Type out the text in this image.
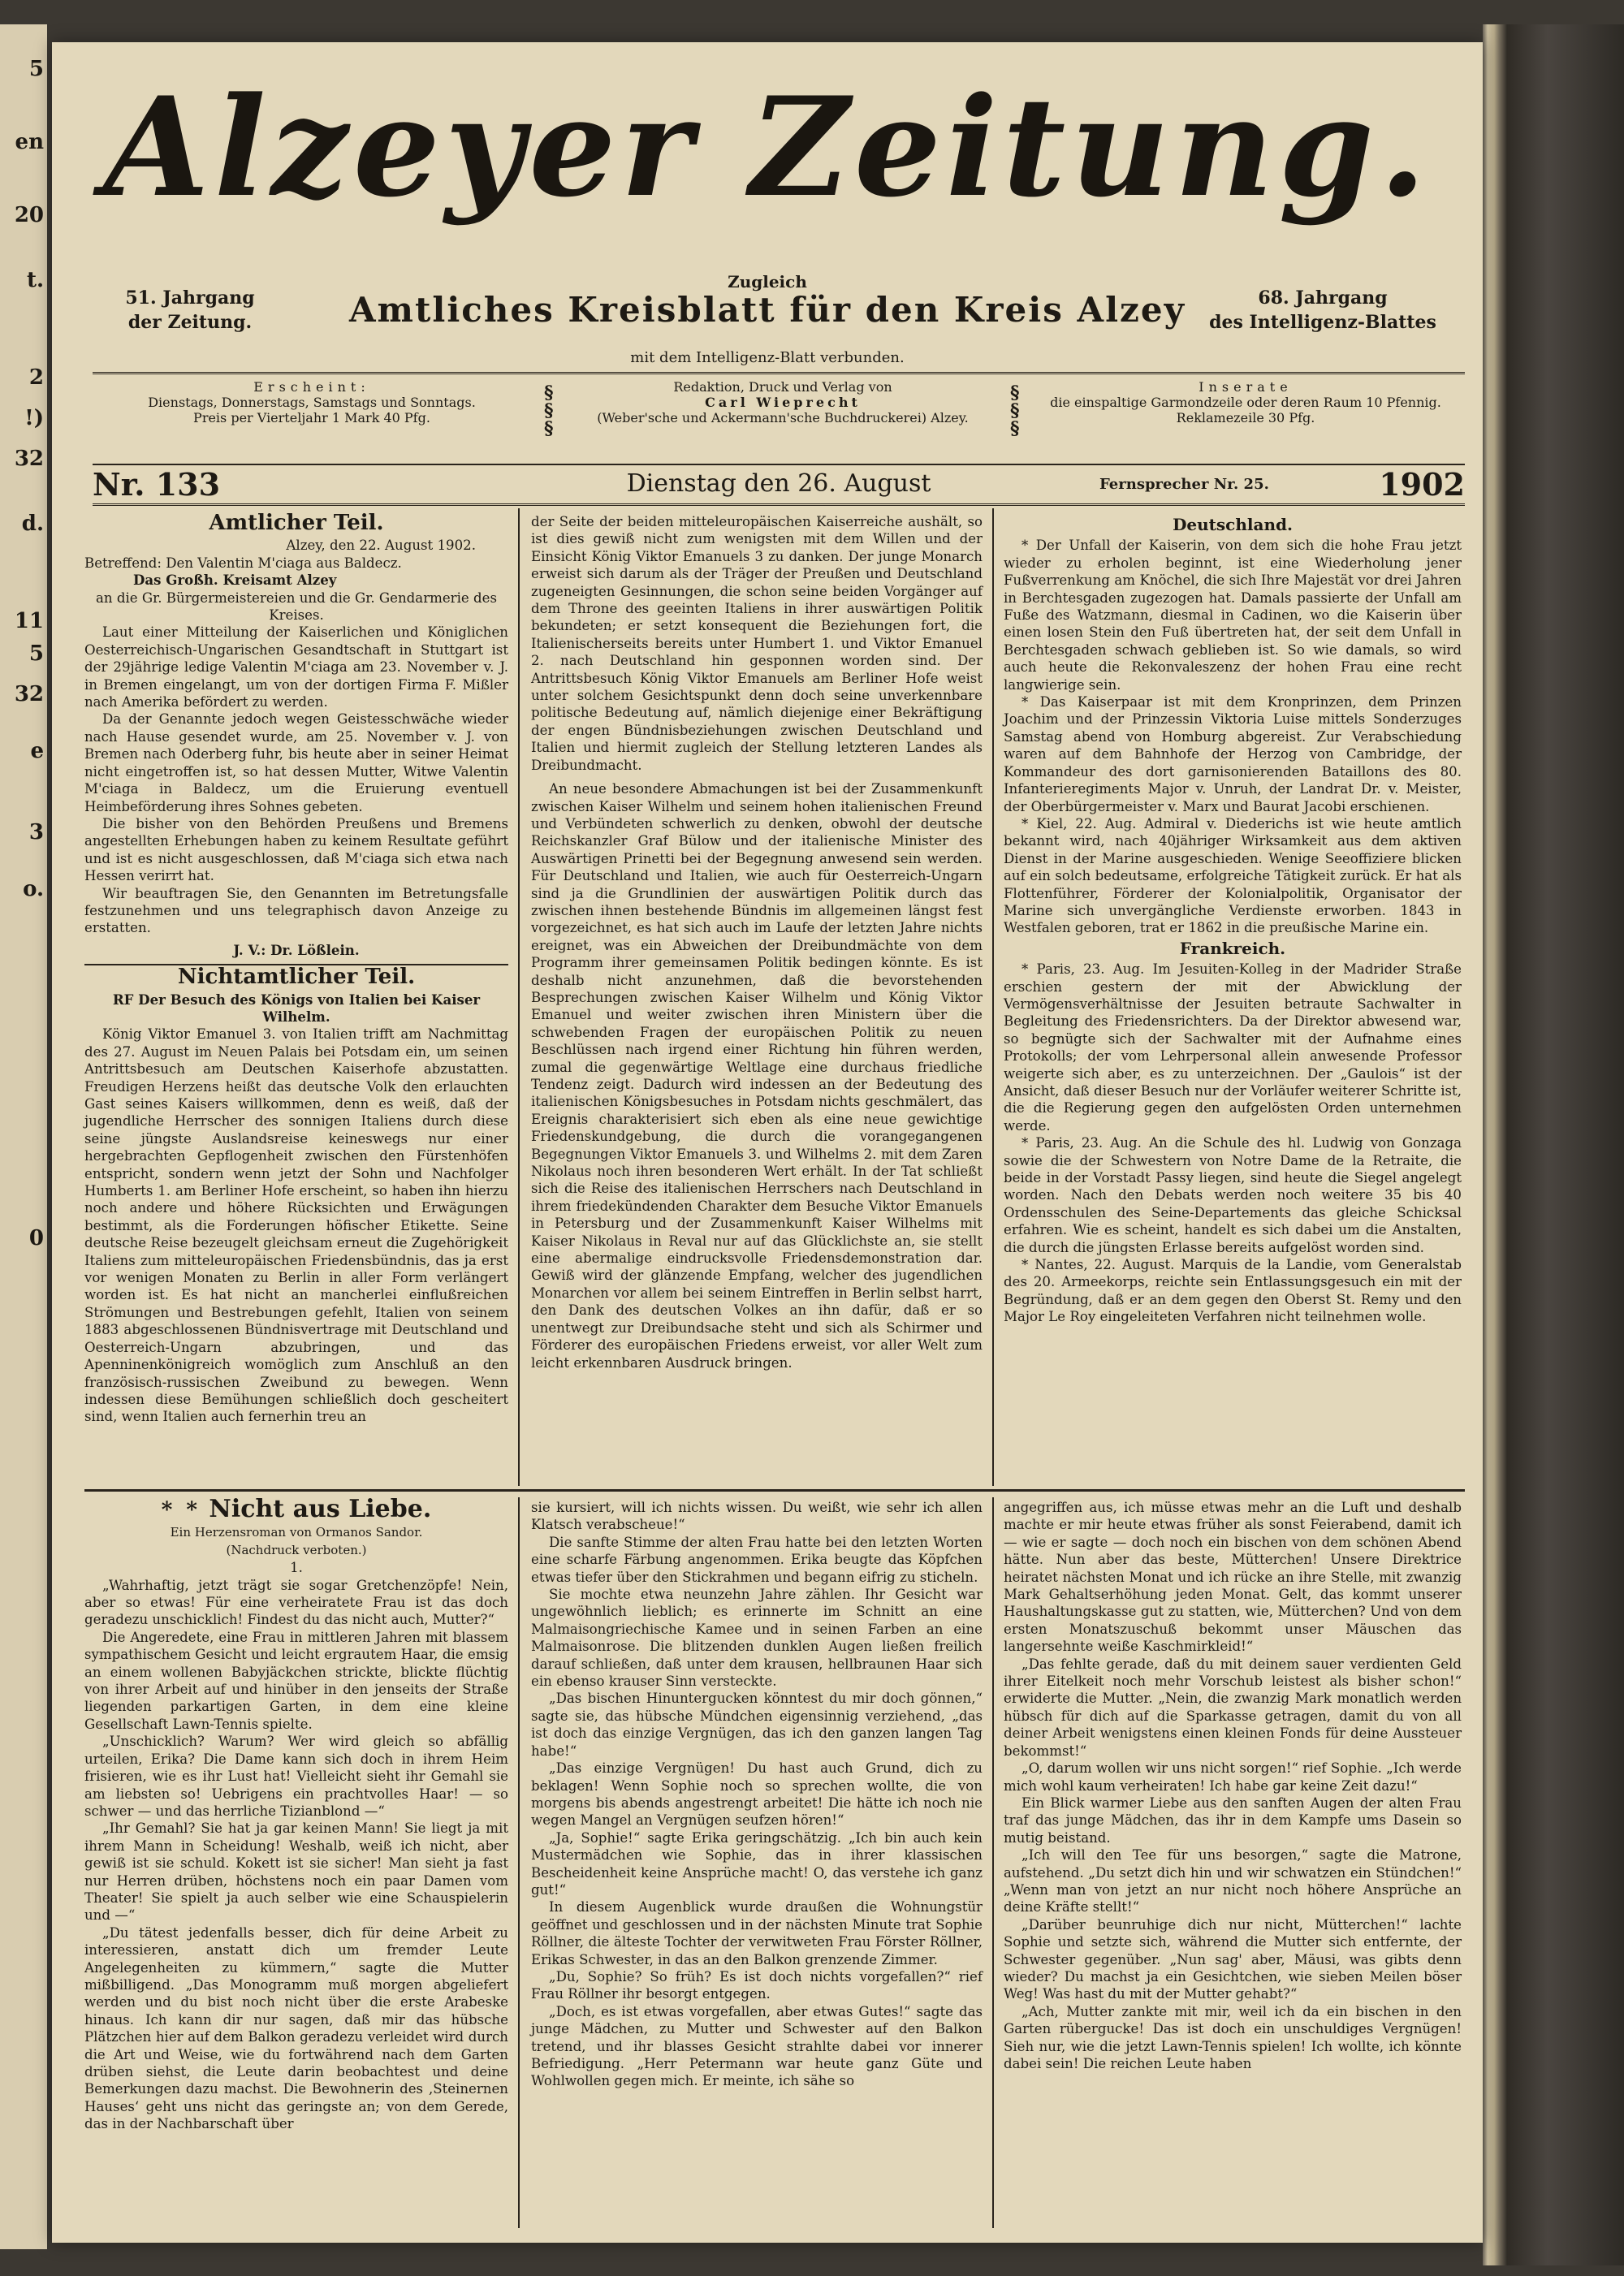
5
en
20
t.
2
!)
32
d.
11
5
32
e
3
o.
0
Alzeyer Zeitung.
51. Jahrgang
der Zeitung.
Zugleich
Amtliches Kreisblatt für den Kreis Alzey
mit dem Intelligenz-Blatt verbunden.
68. Jahrgang
des Intelligenz-Blattes
Erscheint:
Dienstags, Donnerstags, Samstags und Sonntags.
Preis per Vierteljahr 1 Mark 40 Pfg.
§
§
§
Redaktion, Druck und Verlag von
Carl Wieprecht
(Weber'sche und Ackermann'sche Buchdruckerei) Alzey.
§
§
§
Inserate
die einspaltige Garmondzeile oder deren Raum 10 Pfennig.
Reklamezeile 30 Pfg.
Nr. 133	Dienstag den 26. August	Fernsprecher Nr. 25.	1902
Amtlicher Teil.

Alzey, den 22. August 1902.

Betreffend: Den Valentin M'ciaga aus Baldecz.

Das Großh. Kreisamt Alzey

an die Gr. Bürgermeistereien und die Gr. Gendarmerie des Kreises.

Laut einer Mitteilung der Kaiserlichen und Königlichen Oesterreichisch-Ungarischen Gesandtschaft in Stuttgart ist der 29jährige ledige Valentin M'ciaga am 23. November v. J. in Bremen eingelangt, um von der dortigen Firma F. Mißler nach Amerika befördert zu werden.

Da der Genannte jedoch wegen Geistesschwäche wieder nach Hause gesendet wurde, am 25. November v. J. von Bremen nach Oderberg fuhr, bis heute aber in seiner Heimat nicht eingetroffen ist, so hat dessen Mutter, Witwe Valentin M'ciaga in Baldecz, um die Eruierung eventuell Heimbeförderung ihres Sohnes gebeten.

Die bisher von den Behörden Preußens und Bremens angestellten Erhebungen haben zu keinem Resultate geführt und ist es nicht ausgeschlossen, daß M'ciaga sich etwa nach Hessen verirrt hat.

Wir beauftragen Sie, den Genannten im Betretungsfalle festzunehmen und uns telegraphisch davon Anzeige zu erstatten.

J. V.: Dr. Lößlein.

Nichtamtlicher Teil.

RF Der Besuch des Königs von Italien bei Kaiser Wilhelm.

König Viktor Emanuel 3. von Italien trifft am Nachmittag des 27. August im Neuen Palais bei Potsdam ein, um seinen Antrittsbesuch am Deutschen Kaiserhofe abzustatten. Freudigen Herzens heißt das deutsche Volk den erlauchten Gast seines Kaisers willkommen, denn es weiß, daß der jugendliche Herrscher des sonnigen Italiens durch diese seine jüngste Auslandsreise keineswegs nur einer hergebrachten Gepflogenheit zwischen den Fürstenhöfen entspricht, sondern wenn jetzt der Sohn und Nachfolger Humberts 1. am Berliner Hofe erscheint, so haben ihn hierzu noch andere und höhere Rücksichten und Erwägungen bestimmt, als die Forderungen höfischer Etikette. Seine deutsche Reise bezeugelt gleichsam erneut die Zugehörigkeit Italiens zum mitteleuropäischen Friedensbündnis, das ja erst vor wenigen Monaten zu Berlin in aller Form verlängert worden ist. Es hat nicht an mancherlei einflußreichen Strömungen und Bestrebungen gefehlt, Italien von seinem 1883 abgeschlossenen Bündnisvertrage mit Deutschland und Oesterreich-Ungarn abzubringen, und das Apenninenkönigreich womöglich zum Anschluß an den französisch-russischen Zweibund zu bewegen. Wenn indessen diese Bemühungen schließlich doch gescheitert sind, wenn Italien auch fernerhin treu an

der Seite der beiden mitteleuropäischen Kaiserreiche aushält, so ist dies gewiß nicht zum wenigsten mit dem Willen und der Einsicht König Viktor Emanuels 3 zu danken. Der junge Monarch erweist sich darum als der Träger der Preußen und Deutschland zugeneigten Gesinnungen, die schon seine beiden Vorgänger auf dem Throne des geeinten Italiens in ihrer auswärtigen Politik bekundeten; er setzt konsequent die Beziehungen fort, die Italienischerseits bereits unter Humbert 1. und Viktor Emanuel 2. nach Deutschland hin gesponnen worden sind. Der Antrittsbesuch König Viktor Emanuels am Berliner Hofe weist unter solchem Gesichtspunkt denn doch seine unverkennbare politische Bedeutung auf, nämlich diejenige einer Bekräftigung der engen Bündnisbeziehungen zwischen Deutschland und Italien und hiermit zugleich der Stellung letzteren Landes als Dreibundmacht.

An neue besondere Abmachungen ist bei der Zusammenkunft zwischen Kaiser Wilhelm und seinem hohen italienischen Freund und Verbündeten schwerlich zu denken, obwohl der deutsche Reichskanzler Graf Bülow und der italienische Minister des Auswärtigen Prinetti bei der Begegnung anwesend sein werden. Für Deutschland und Italien, wie auch für Oesterreich-Ungarn sind ja die Grundlinien der auswärtigen Politik durch das zwischen ihnen bestehende Bündnis im allgemeinen längst fest vorgezeichnet, es hat sich auch im Laufe der letzten Jahre nichts ereignet, was ein Abweichen der Dreibundmächte von dem Programm ihrer gemeinsamen Politik bedingen könnte. Es ist deshalb nicht anzunehmen, daß die bevorstehenden Besprechungen zwischen Kaiser Wilhelm und König Viktor Emanuel und weiter zwischen ihren Ministern über die schwebenden Fragen der europäischen Politik zu neuen Beschlüssen nach irgend einer Richtung hin führen werden, zumal die gegenwärtige Weltlage eine durchaus friedliche Tendenz zeigt. Dadurch wird indessen an der Bedeutung des italienischen Königsbesuches in Potsdam nichts geschmälert, das Ereignis charakterisiert sich eben als eine neue gewichtige Friedenskundgebung, die durch die vorangegangenen Begegnungen Viktor Emanuels 3. und Wilhelms 2. mit dem Zaren Nikolaus noch ihren besonderen Wert erhält. In der Tat schließt sich die Reise des italienischen Herrschers nach Deutschland in ihrem friedekündenden Charakter dem Besuche Viktor Emanuels in Petersburg und der Zusammenkunft Kaiser Wilhelms mit Kaiser Nikolaus in Reval nur auf das Glücklichste an, sie stellt eine abermalige eindrucksvolle Friedensdemonstration dar. Gewiß wird der glänzende Empfang, welcher des jugendlichen Monarchen vor allem bei seinem Eintreffen in Berlin selbst harrt, den Dank des deutschen Volkes an ihn dafür, daß er so unentwegt zur Dreibundsache steht und sich als Schirmer und Förderer des europäischen Friedens erweist, vor aller Welt zum leicht erkennbaren Ausdruck bringen.

Deutschland.

* Der Unfall der Kaiserin, von dem sich die hohe Frau jetzt wieder zu erholen beginnt, ist eine Wiederholung jener Fußverrenkung am Knöchel, die sich Ihre Majestät vor drei Jahren in Berchtesgaden zugezogen hat. Damals passierte der Unfall am Fuße des Watzmann, diesmal in Cadinen, wo die Kaiserin über einen losen Stein den Fuß übertreten hat, der seit dem Unfall in Berchtesgaden schwach geblieben ist. So wie damals, so wird auch heute die Rekonvaleszenz der hohen Frau eine recht langwierige sein.

* Das Kaiserpaar ist mit dem Kronprinzen, dem Prinzen Joachim und der Prinzessin Viktoria Luise mittels Sonderzuges Samstag abend von Homburg abgereist. Zur Verabschiedung waren auf dem Bahnhofe der Herzog von Cambridge, der Kommandeur des dort garnisonierenden Bataillons des 80. Infanterieregiments Major v. Unruh, der Landrat Dr. v. Meister, der Oberbürgermeister v. Marx und Baurat Jacobi erschienen.

* Kiel, 22. Aug. Admiral v. Diederichs ist wie heute amtlich bekannt wird, nach 40jähriger Wirksamkeit aus dem aktiven Dienst in der Marine ausgeschieden. Wenige Seeoffiziere blicken auf ein solch bedeutsame, erfolgreiche Tätigkeit zurück. Er hat als Flottenführer, Förderer der Kolonialpolitik, Organisator der Marine sich unvergängliche Verdienste erworben. 1843 in Westfalen geboren, trat er 1862 in die preußische Marine ein.

Frankreich.

* Paris, 23. Aug. Im Jesuiten-Kolleg in der Madrider Straße erschien gestern der mit der Abwicklung der Vermögensverhältnisse der Jesuiten betraute Sachwalter in Begleitung des Friedensrichters. Da der Direktor abwesend war, so begnügte sich der Sachwalter mit der Aufnahme eines Protokolls; der vom Lehrpersonal allein anwesende Professor weigerte sich aber, es zu unterzeichnen. Der „Gaulois“ ist der Ansicht, daß dieser Besuch nur der Vorläufer weiterer Schritte ist, die die Regierung gegen den aufgelösten Orden unternehmen werde.

* Paris, 23. Aug. An die Schule des hl. Ludwig von Gonzaga sowie die der Schwestern von Notre Dame de la Retraite, die beide in der Vorstadt Passy liegen, sind heute die Siegel angelegt worden. Nach den Debats werden noch weitere 35 bis 40 Ordensschulen des Seine-Departements das gleiche Schicksal erfahren. Wie es scheint, handelt es sich dabei um die Anstalten, die durch die jüngsten Erlasse bereits aufgelöst worden sind.

* Nantes, 22. August. Marquis de la Landie, vom Generalstab des 20. Armeekorps, reichte sein Entlassungsgesuch ein mit der Begründung, daß er an dem gegen den Oberst St. Remy und den Major Le Roy eingeleiteten Verfahren nicht teilnehmen wolle.

* * Nicht aus Liebe.

Ein Herzensroman von Ormanos Sandor.

(Nachdruck verboten.)

1.

„Wahrhaftig, jetzt trägt sie sogar Gretchenzöpfe! Nein, aber so etwas! Für eine verheiratete Frau ist das doch geradezu unschicklich! Findest du das nicht auch, Mutter?“

Die Angeredete, eine Frau in mittleren Jahren mit blassem sympathischem Gesicht und leicht ergrautem Haar, die emsig an einem wollenen Babyjäckchen strickte, blickte flüchtig von ihrer Arbeit auf und hinüber in den jenseits der Straße liegenden parkartigen Garten, in dem eine kleine Gesellschaft Lawn-Tennis spielte.

„Unschicklich? Warum? Wer wird gleich so abfällig urteilen, Erika? Die Dame kann sich doch in ihrem Heim frisieren, wie es ihr Lust hat! Vielleicht sieht ihr Gemahl sie am liebsten so! Uebrigens ein prachtvolles Haar! — so schwer — und das herrliche Tizianblond —“

„Ihr Gemahl? Sie hat ja gar keinen Mann! Sie liegt ja mit ihrem Mann in Scheidung! Weshalb, weiß ich nicht, aber gewiß ist sie schuld. Kokett ist sie sicher! Man sieht ja fast nur Herren drüben, höchstens noch ein paar Damen vom Theater! Sie spielt ja auch selber wie eine Schauspielerin und —“

„Du tätest jedenfalls besser, dich für deine Arbeit zu interessieren, anstatt dich um fremder Leute Angelegenheiten zu kümmern,“ sagte die Mutter mißbilligend. „Das Monogramm muß morgen abgeliefert werden und du bist noch nicht über die erste Arabeske hinaus. Ich kann dir nur sagen, daß mir das hübsche Plätzchen hier auf dem Balkon geradezu verleidet wird durch die Art und Weise, wie du fortwährend nach dem Garten drüben siehst, die Leute darin beobachtest und deine Bemerkungen dazu machst. Die Bewohnerin des ‚Steinernen Hauses‘ geht uns nicht das geringste an; von dem Gerede, das in der Nachbarschaft über

sie kursiert, will ich nichts wissen. Du weißt, wie sehr ich allen Klatsch verabscheue!“

Die sanfte Stimme der alten Frau hatte bei den letzten Worten eine scharfe Färbung angenommen. Erika beugte das Köpfchen etwas tiefer über den Stickrahmen und begann eifrig zu sticheln.

Sie mochte etwa neunzehn Jahre zählen. Ihr Gesicht war ungewöhnlich lieblich; es erinnerte im Schnitt an eine Malmaisongriechische Kamee und in seinen Farben an eine Malmaisonrose. Die blitzenden dunklen Augen ließen freilich darauf schließen, daß unter dem krausen, hellbraunen Haar sich ein ebenso krauser Sinn versteckte.

„Das bischen Hinuntergucken könntest du mir doch gönnen,“ sagte sie, das hübsche Mündchen eigensinnig verziehend, „das ist doch das einzige Vergnügen, das ich den ganzen langen Tag habe!“

„Das einzige Vergnügen! Du hast auch Grund, dich zu beklagen! Wenn Sophie noch so sprechen wollte, die von morgens bis abends angestrengt arbeitet! Die hätte ich noch nie wegen Mangel an Vergnügen seufzen hören!“

„Ja, Sophie!“ sagte Erika geringschätzig. „Ich bin auch kein Mustermädchen wie Sophie, das in ihrer klassischen Bescheidenheit keine Ansprüche macht! O, das verstehe ich ganz gut!“

In diesem Augenblick wurde draußen die Wohnungstür geöffnet und geschlossen und in der nächsten Minute trat Sophie Röllner, die älteste Tochter der verwitweten Frau Förster Röllner, Erikas Schwester, in das an den Balkon grenzende Zimmer.

„Du, Sophie? So früh? Es ist doch nichts vorgefallen?“ rief Frau Röllner ihr besorgt entgegen.

„Doch, es ist etwas vorgefallen, aber etwas Gutes!“ sagte das junge Mädchen, zu Mutter und Schwester auf den Balkon tretend, und ihr blasses Gesicht strahlte dabei vor innerer Befriedigung. „Herr Petermann war heute ganz Güte und Wohlwollen gegen mich. Er meinte, ich sähe so

angegriffen aus, ich müsse etwas mehr an die Luft und deshalb machte er mir heute etwas früher als sonst Feierabend, damit ich — wie er sagte — doch noch ein bischen von dem schönen Abend hätte. Nun aber das beste, Mütterchen! Unsere Direktrice heiratet nächsten Monat und ich rücke an ihre Stelle, mit zwanzig Mark Gehaltserhöhung jeden Monat. Gelt, das kommt unserer Haushaltungskasse gut zu statten, wie, Mütterchen? Und von dem ersten Monatszuschuß bekommt unser Mäuschen das langersehnte weiße Kaschmirkleid!“

„Das fehlte gerade, daß du mit deinem sauer verdienten Geld ihrer Eitelkeit noch mehr Vorschub leistest als bisher schon!“ erwiderte die Mutter. „Nein, die zwanzig Mark monatlich werden hübsch für dich auf die Sparkasse getragen, damit du von all deiner Arbeit wenigstens einen kleinen Fonds für deine Aussteuer bekommst!“

„O, darum wollen wir uns nicht sorgen!“ rief Sophie. „Ich werde mich wohl kaum verheiraten! Ich habe gar keine Zeit dazu!“

Ein Blick warmer Liebe aus den sanften Augen der alten Frau traf das junge Mädchen, das ihr in dem Kampfe ums Dasein so mutig beistand.

„Ich will den Tee für uns besorgen,“ sagte die Matrone, aufstehend. „Du setzt dich hin und wir schwatzen ein Stündchen!“ „Wenn man von jetzt an nur nicht noch höhere Ansprüche an deine Kräfte stellt!“

„Darüber beunruhige dich nur nicht, Mütterchen!“ lachte Sophie und setzte sich, während die Mutter sich entfernte, der Schwester gegenüber. „Nun sag' aber, Mäusi, was gibts denn wieder? Du machst ja ein Gesichtchen, wie sieben Meilen böser Weg! Was hast du mit der Mutter gehabt?“

„Ach, Mutter zankte mit mir, weil ich da ein bischen in den Garten rübergucke! Das ist doch ein unschuldiges Vergnügen! Sieh nur, wie die jetzt Lawn-Tennis spielen! Ich wollte, ich könnte dabei sein! Die reichen Leute haben
